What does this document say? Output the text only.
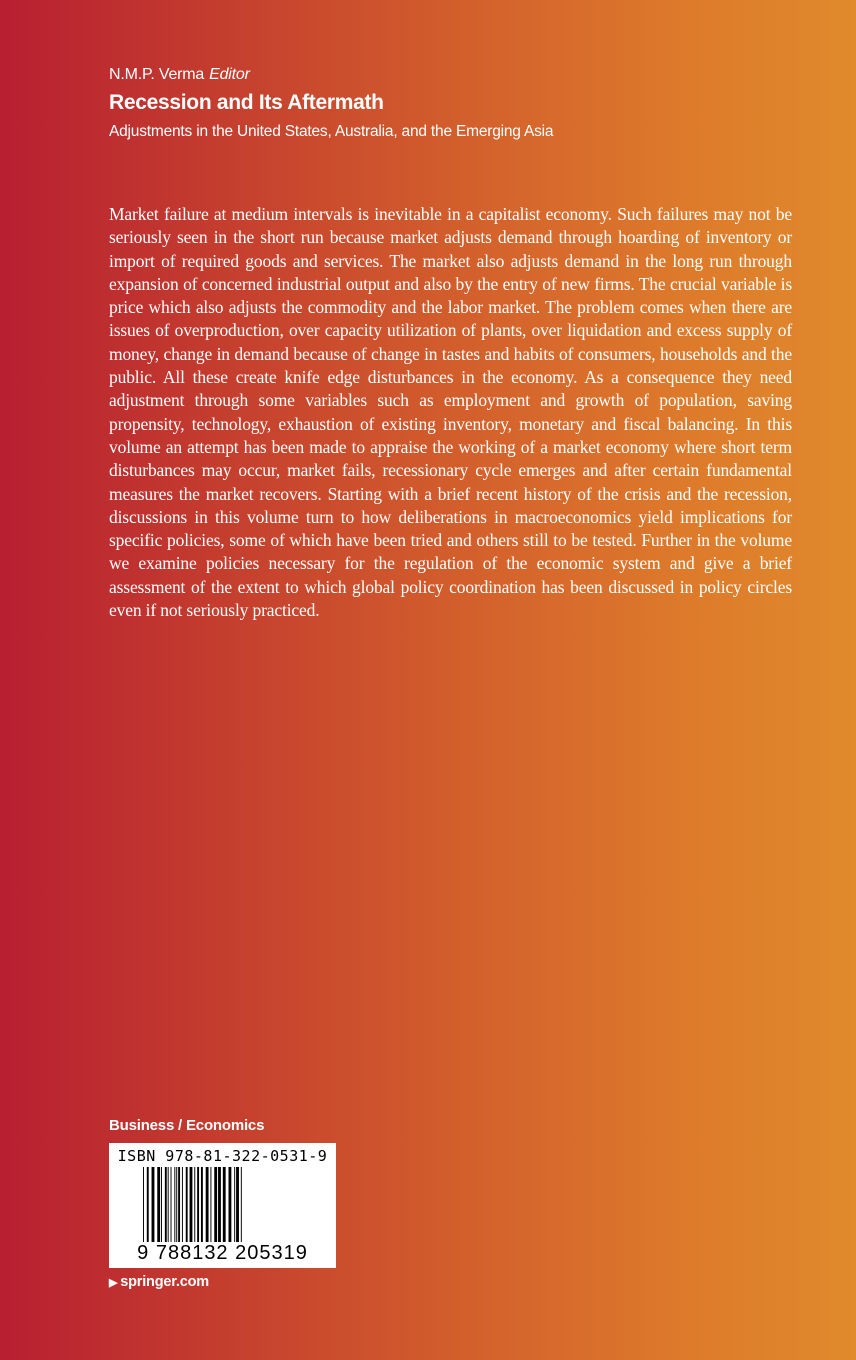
N.M.P. Verma Editor
Recession and Its Aftermath
Adjustments in the United States, Australia, and the Emerging Asia

Market failure at medium intervals is inevitable in a capitalist economy. Such failures may not be seriously seen in the short run because market adjusts demand through hoarding of inventory or import of required goods and services. The market also adjusts demand in the long run through expansion of concerned industrial output and also by the entry of new firms. The crucial variable is price which also adjusts the commodity and the labor market. The problem comes when there are issues of overproduction, over capacity utilization of plants, over liquidation and excess supply of money, change in demand because of change in tastes and habits of consumers, households and the public. All these create knife edge disturbances in the economy. As a consequence they need adjustment through some variables such as employment and growth of population, saving propensity, technology, exhaustion of existing inventory, monetary and fiscal balancing. In this volume an attempt has been made to appraise the working of a market economy where short term disturbances may occur, market fails, recessionary cycle emerges and after certain fundamental measures the market recovers. Starting with a brief recent history of the crisis and the recession, discussions in this volume turn to how deliberations in macroeconomics yield implications for specific policies, some of which have been tried and others still to be tested. Further in the volume we examine policies necessary for the regulation of the economic system and give a brief assessment of the extent to which global policy coordination has been discussed in policy circles even if not seriously practiced.

Business / Economics
ISBN 978-81-322-0531-9
9 788132 205319
▶ springer.com
